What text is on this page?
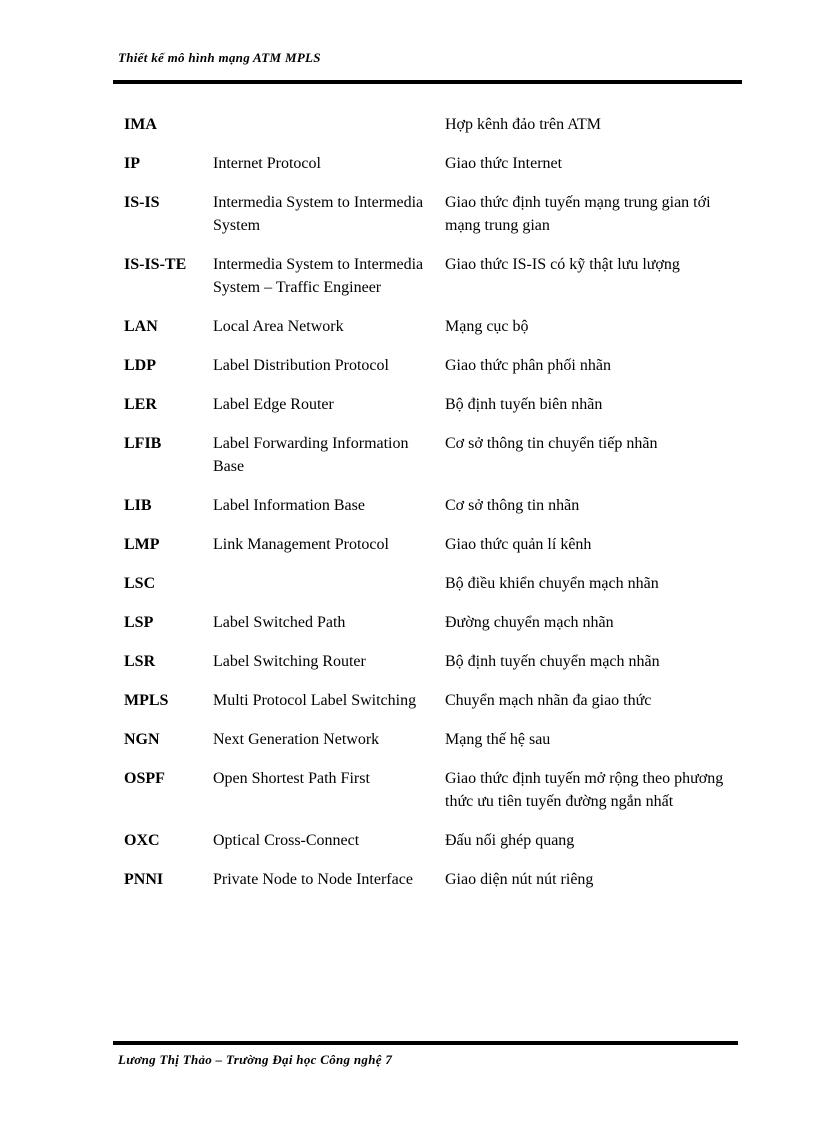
Thiết kế mô hình mạng ATM MPLS
IMA		Hợp kênh đảo trên ATM
IP	Internet Protocol	Giao thức Internet
IS-IS	Intermedia System to Intermedia System	Giao thức định tuyến mạng trung gian tới mạng trung gian
IS-IS-TE	Intermedia System to Intermedia System – Traffic Engineer	Giao thức IS-IS có kỹ thật lưu lượng
LAN	Local Area Network	Mạng cục bộ
LDP	Label Distribution Protocol	Giao thức phân phối nhãn
LER	Label Edge Router	Bộ định tuyến biên nhãn
LFIB	Label Forwarding Information Base	Cơ sở thông tin chuyển tiếp nhãn
LIB	Label Information Base	Cơ sở thông tin nhãn
LMP	Link Management Protocol	Giao thức quản lí kênh
LSC		Bộ điều khiển chuyển mạch nhãn
LSP	Label Switched Path	Đường chuyển mạch nhãn
LSR	Label Switching Router	Bộ định tuyến chuyển mạch nhãn
MPLS	Multi Protocol Label Switching	Chuyển mạch nhãn đa giao thức
NGN	Next Generation Network	Mạng thế hệ sau
OSPF	Open Shortest Path First	Giao thức định tuyến mở rộng theo phương thức ưu tiên tuyến đường ngắn nhất
OXC	Optical Cross-Connect	Đấu nối ghép quang
PNNI	Private Node to Node Interface	Giao diện nút nút riêng
Lương Thị Thảo – Trường Đại học Công nghệ 7
